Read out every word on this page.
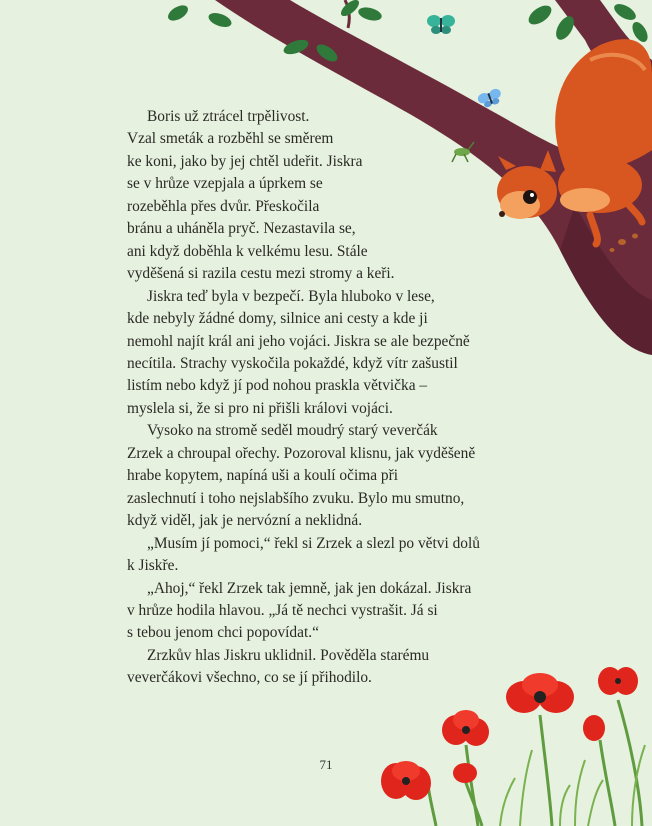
Boris už ztrácel trpělivost.
Vzal smeták a rozběhl se směrem
ke koni, jako by jej chtěl udeřit. Jiskra
se v hrůze vzepjala a úprkem se
rozeběhla přes dvůr. Přeskočila
bránu a uháněla pryč. Nezastavila se,
ani když doběhla k velkému lesu. Stále
vyděšená si razila cestu mezi stromy a keři.
Jiskra teď byla v bezpečí. Byla hluboko v lese,
kde nebyly žádné domy, silnice ani cesty a kde ji
nemohl najít král ani jeho vojáci. Jiskra se ale bezpečně
necítila. Strachy vyskočila pokaždé, když vítr zašustil
listím nebo když jí pod nohou praskla větvička –
myslela si, že si pro ni přišli královi vojáci.
Vysoko na stromě seděl moudrý starý veverčák
Zrzek a chroupal ořechy. Pozoroval klisnu, jak vyděšeně
hrabe kopytem, napíná uši a koulí očima při
zaslechnutí i toho nejslabšího zvuku. Bylo mu smutno,
když viděl, jak je nervózní a neklidná.
„Musím jí pomoci,“ řekl si Zrzek a slezl po větvi dolů
k Jiskře.
„Ahoj,“ řekl Zrzek tak jemně, jak jen dokázal. Jiskra
v hrůze hodila hlavou. „Já tě nechci vystrašit. Já si
s tebou jenom chci popovídat.“
Zrzkův hlas Jiskru uklidnil. Pověděla starému
veverčákovi všechno, co se jí přihodilo.
71
